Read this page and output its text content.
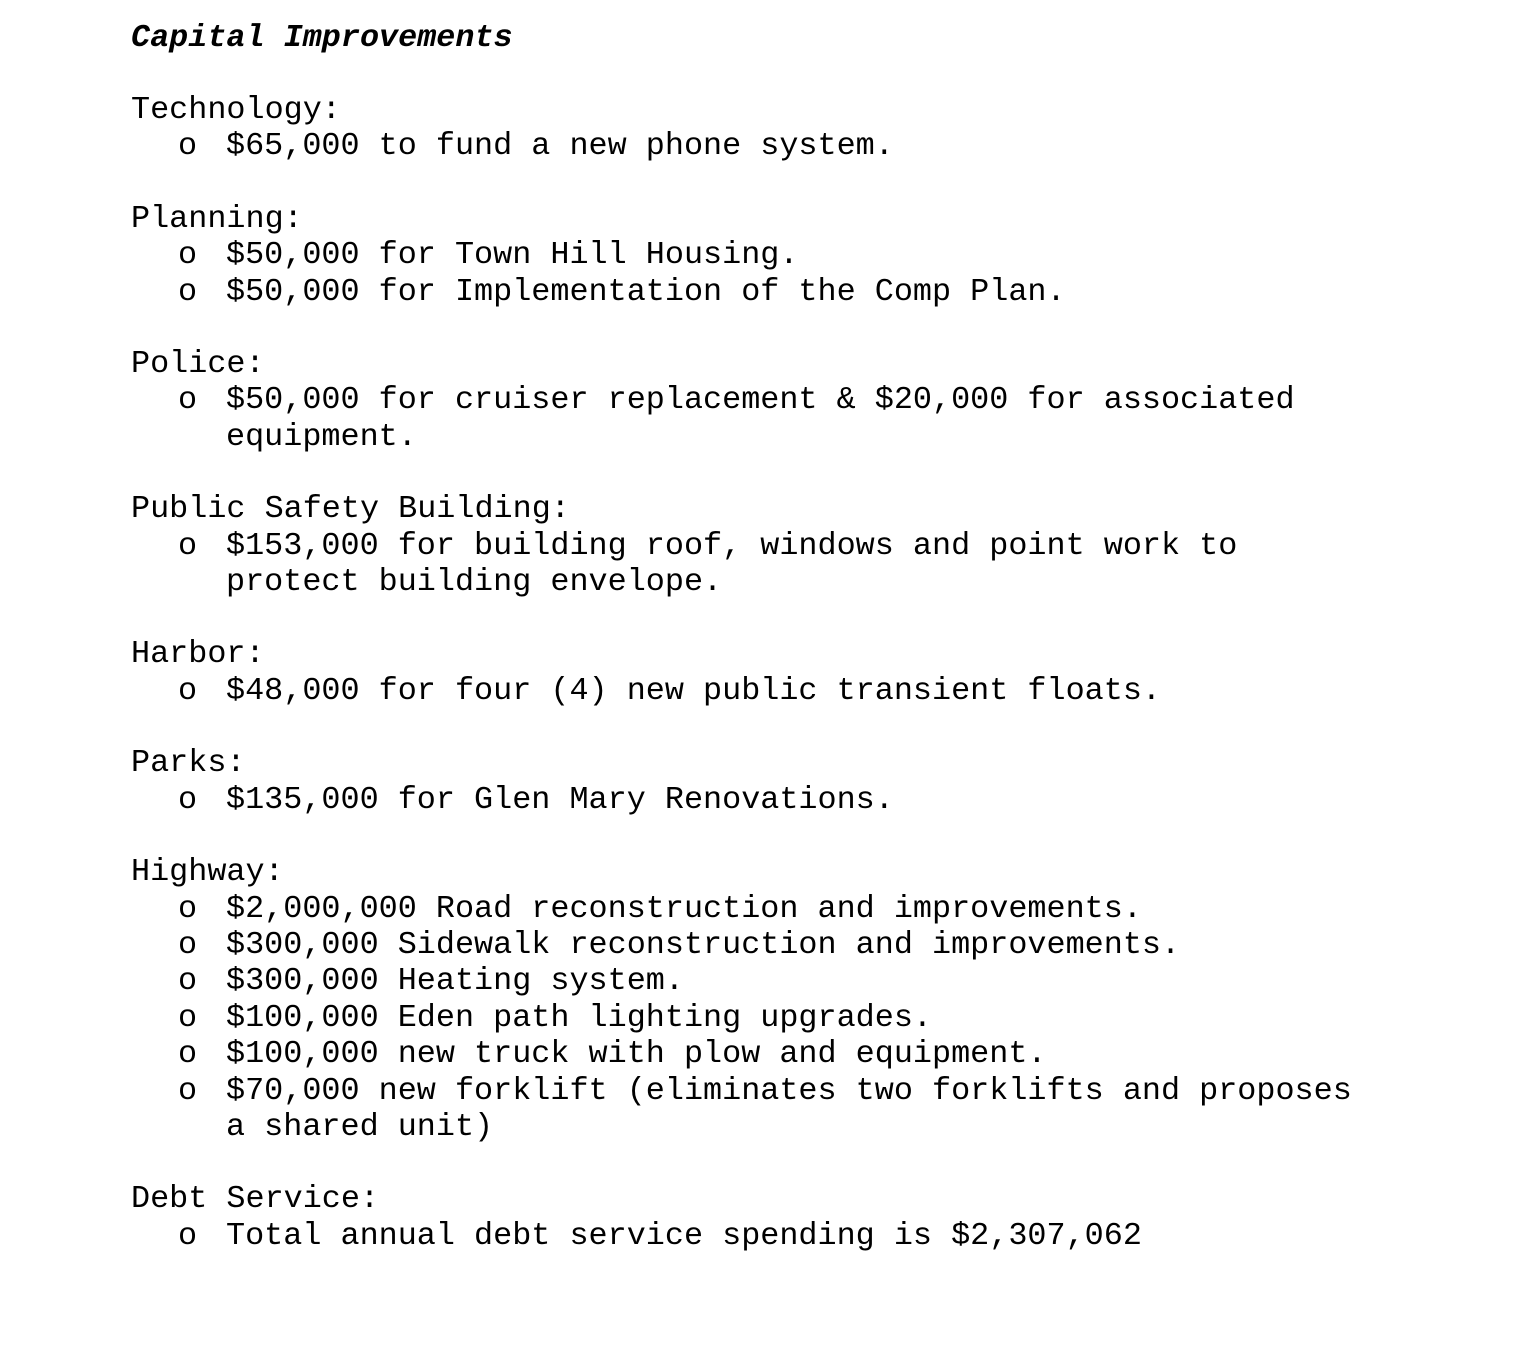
Capital Improvements
Technology:
o $65,000 to fund a new phone system.
Planning:
o $50,000 for Town Hill Housing.
o $50,000 for Implementation of the Comp Plan.
Police:
o $50,000 for cruiser replacement & $20,000 for associated
equipment.
Public Safety Building:
o $153,000 for building roof, windows and point work to
protect building envelope.
Harbor:
o $48,000 for four (4) new public transient floats.
Parks:
o $135,000 for Glen Mary Renovations.
Highway:
o $2,000,000 Road reconstruction and improvements.
o $300,000 Sidewalk reconstruction and improvements.
o $300,000 Heating system.
o $100,000 Eden path lighting upgrades.
o $100,000 new truck with plow and equipment.
o $70,000 new forklift (eliminates two forklifts and proposes
a shared unit)
Debt Service:
o Total annual debt service spending is $2,307,062
